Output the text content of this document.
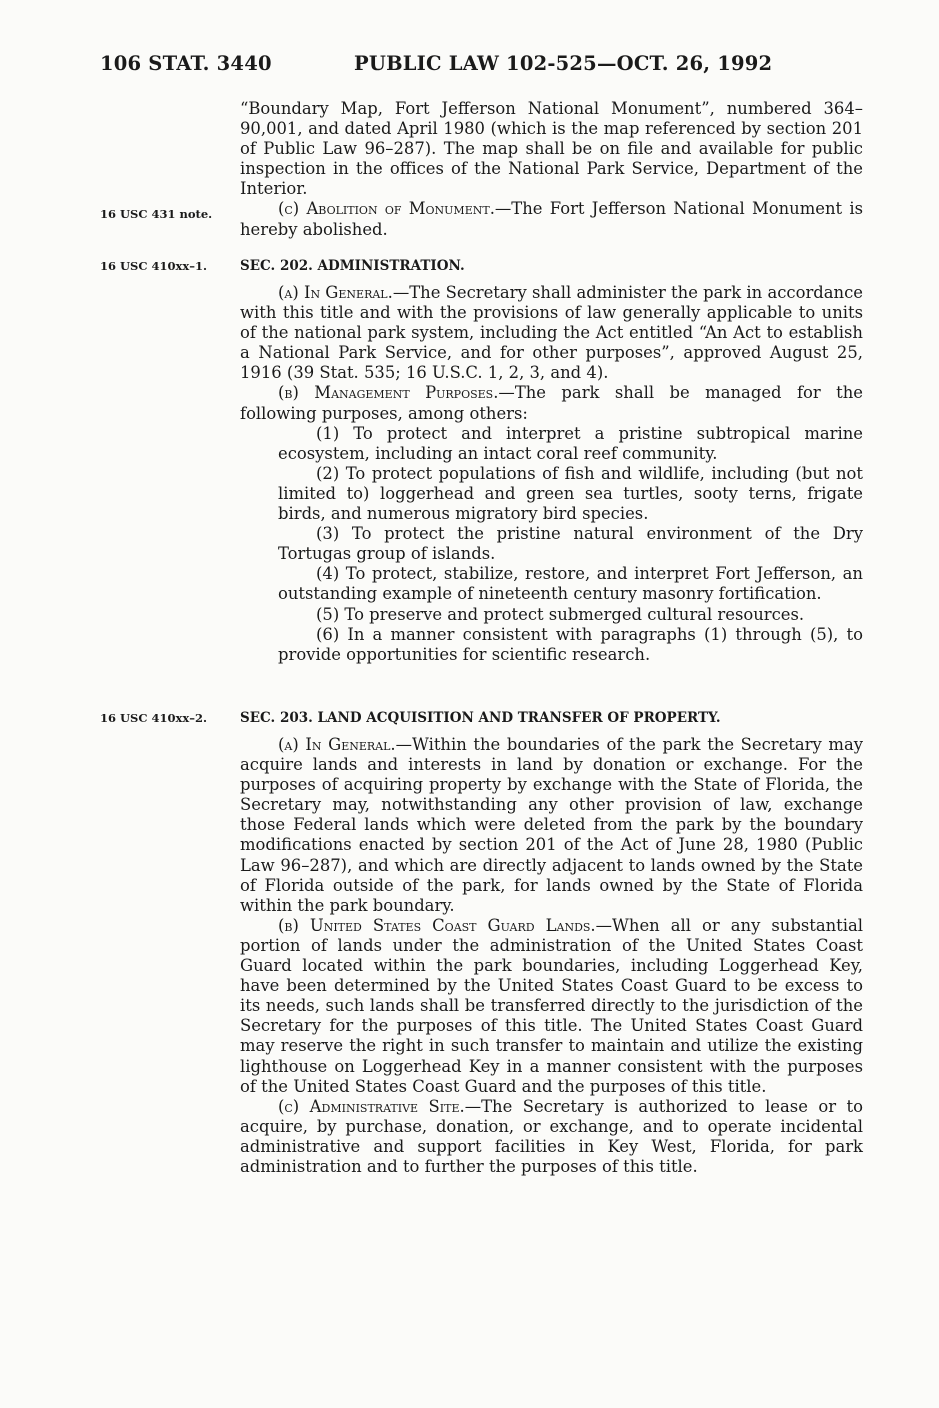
106 STAT. 3440	PUBLIC LAW 102-525—OCT. 26, 1992

“Boundary Map, Fort Jefferson National Monument”, numbered 364–90,001, and dated April 1980 (which is the map referenced by section 201 of Public Law 96–287). The map shall be on file and available for public inspection in the offices of the National Park Service, Department of the Interior.

(c) Abolition of Monument.—The Fort Jefferson National Monument is hereby abolished.

16 USC 431 note.
16 USC 410xx–1. SEC. 202. ADMINISTRATION.

(a) In General.—The Secretary shall administer the park in accordance with this title and with the provisions of law generally applicable to units of the national park system, including the Act entitled “An Act to establish a National Park Service, and for other purposes”, approved August 25, 1916 (39 Stat. 535; 16 U.S.C. 1, 2, 3, and 4).

(b) Management Purposes.—The park shall be managed for the following purposes, among others:

(1) To protect and interpret a pristine subtropical marine ecosystem, including an intact coral reef community.

(2) To protect populations of fish and wildlife, including (but not limited to) loggerhead and green sea turtles, sooty terns, frigate birds, and numerous migratory bird species.

(3) To protect the pristine natural environment of the Dry Tortugas group of islands.

(4) To protect, stabilize, restore, and interpret Fort Jefferson, an outstanding example of nineteenth century masonry fortification.

(5) To preserve and protect submerged cultural resources.

(6) In a manner consistent with paragraphs (1) through (5), to provide opportunities for scientific research.

16 USC 410xx–2. SEC. 203. LAND ACQUISITION AND TRANSFER OF PROPERTY.

(a) In General.—Within the boundaries of the park the Secretary may acquire lands and interests in land by donation or exchange. For the purposes of acquiring property by exchange with the State of Florida, the Secretary may, notwithstanding any other provision of law, exchange those Federal lands which were deleted from the park by the boundary modifications enacted by section 201 of the Act of June 28, 1980 (Public Law 96–287), and which are directly adjacent to lands owned by the State of Florida outside of the park, for lands owned by the State of Florida within the park boundary.

(b) United States Coast Guard Lands.—When all or any substantial portion of lands under the administration of the United States Coast Guard located within the park boundaries, including Loggerhead Key, have been determined by the United States Coast Guard to be excess to its needs, such lands shall be transferred directly to the jurisdiction of the Secretary for the purposes of this title. The United States Coast Guard may reserve the right in such transfer to maintain and utilize the existing lighthouse on Loggerhead Key in a manner consistent with the purposes of the United States Coast Guard and the purposes of this title.

(c) Administrative Site.—The Secretary is authorized to lease or to acquire, by purchase, donation, or exchange, and to operate incidental administrative and support facilities in Key West, Florida, for park administration and to further the purposes of this title.
